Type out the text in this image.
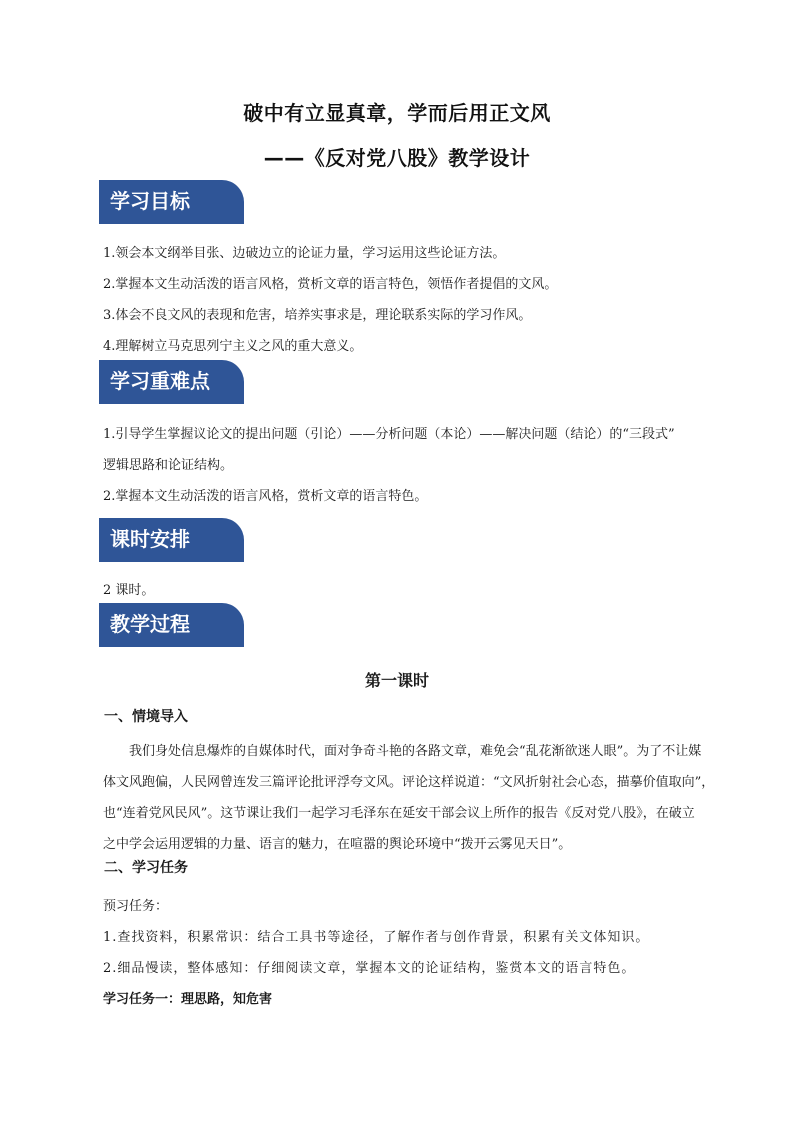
破中有立显真章，学而后用正文风
——《反对党八股》教学设计
学习目标
1.领会本文纲举目张、边破边立的论证力量，学习运用这些论证方法。
2.掌握本文生动活泼的语言风格，赏析文章的语言特色，领悟作者提倡的文风。
3.体会不良文风的表现和危害，培养实事求是，理论联系实际的学习作风。
4.理解树立马克思列宁主义之风的重大意义。
学习重难点
1.引导学生掌握议论文的提出问题（引论）——分析问题（本论）——解决问题（结论）的“三段式”
逻辑思路和论证结构。
2.掌握本文生动活泼的语言风格，赏析文章的语言特色。
课时安排
2 课时。
教学过程
第一课时
一、情境导入
我们身处信息爆炸的自媒体时代，面对争奇斗艳的各路文章，难免会“乱花渐欲迷人眼”。为了不让媒
体文风跑偏，人民网曾连发三篇评论批评浮夸文风。评论这样说道：“文风折射社会心态，描摹价值取向”，
也“连着党风民风”。这节课让我们一起学习毛泽东在延安干部会议上所作的报告《反对党八股》，在破立
之中学会运用逻辑的力量、语言的魅力，在喧嚣的舆论环境中“拨开云雾见天日”。
二、学习任务
预习任务：
1.查找资料，积累常识：结合工具书等途径，了解作者与创作背景，积累有关文体知识。
2.细品慢读，整体感知：仔细阅读文章，掌握本文的论证结构，鉴赏本文的语言特色。
学习任务一：理思路，知危害
